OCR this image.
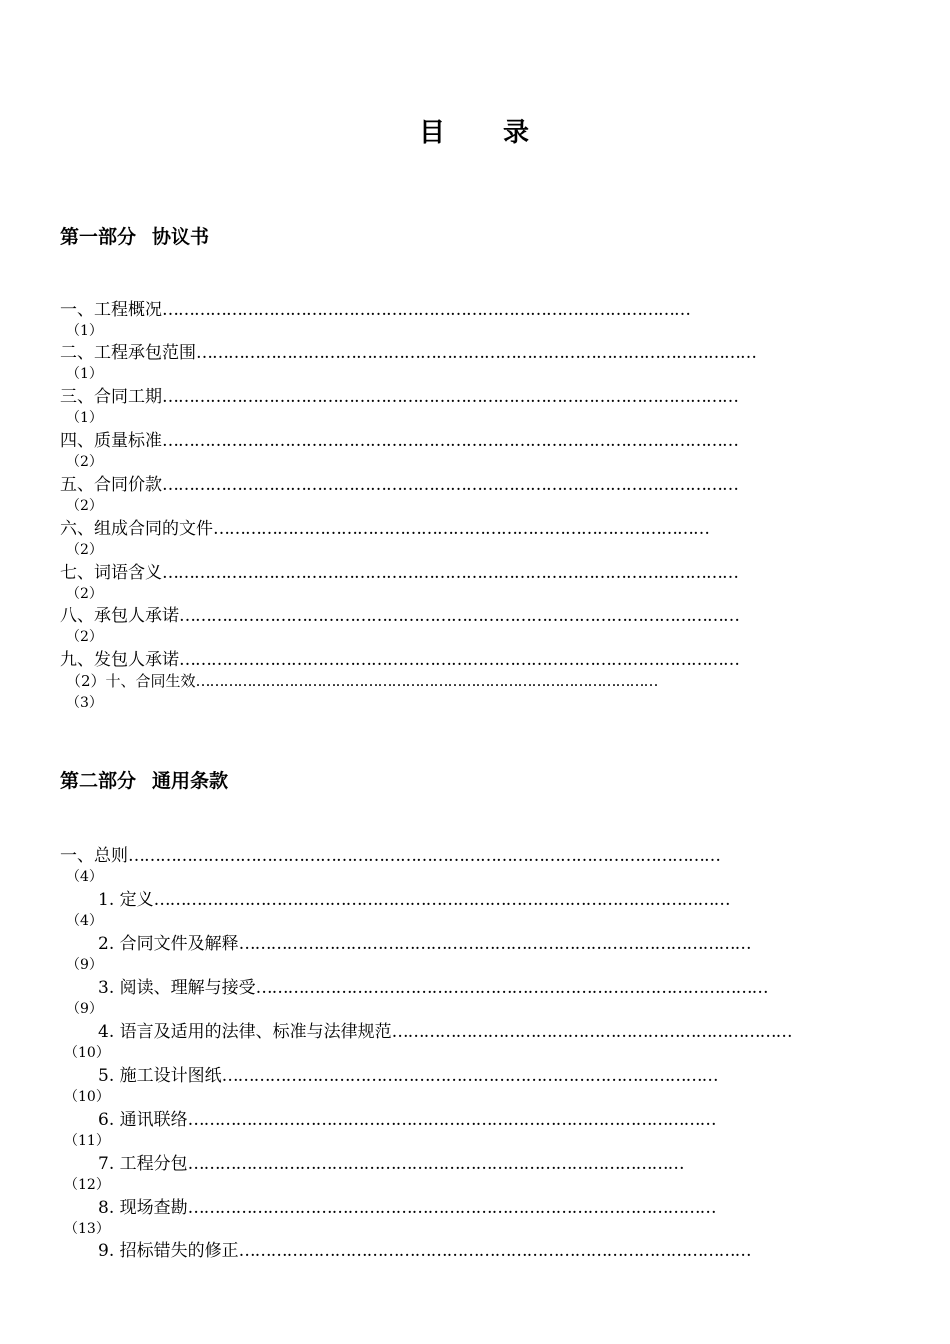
目 录
第一部分 协议书
一、工程概况………………………………………………………………………………………
（1）
二、工程承包范围……………………………………………………………………………………………
（1）
三、合同工期………………………………………………………………………………………………
（1）
四、质量标准………………………………………………………………………………………………
（2）
五、合同价款………………………………………………………………………………………………
（2）
六、组成合同的文件…………………………………………………………………………………
（2）
七、词语含义………………………………………………………………………………………………
（2）
八、承包人承诺……………………………………………………………………………………………
（2）
九、发包人承诺……………………………………………………………………………………………
（2）十、合同生效………………………………………………………………………………………
（3）
第二部分 通用条款
一、总则…………………………………………………………………………………………………
（4）
1. 定义………………………………………………………………………………………………
（4）
2. 合同文件及解释……………………………………………………………………………………
（9）
3. 阅读、理解与接受……………………………………………………………………………………
（9）
4. 语言及适用的法律、标准与法律规范…………………………………………………………………
（10）
5. 施工设计图纸…………………………………………………………………………………
（10）
6. 通讯联络………………………………………………………………………………………
（11）
7. 工程分包…………………………………………………………………………………
（12）
8. 现场查勘………………………………………………………………………………………
（13）
9. 招标错失的修正……………………………………………………………………………………
